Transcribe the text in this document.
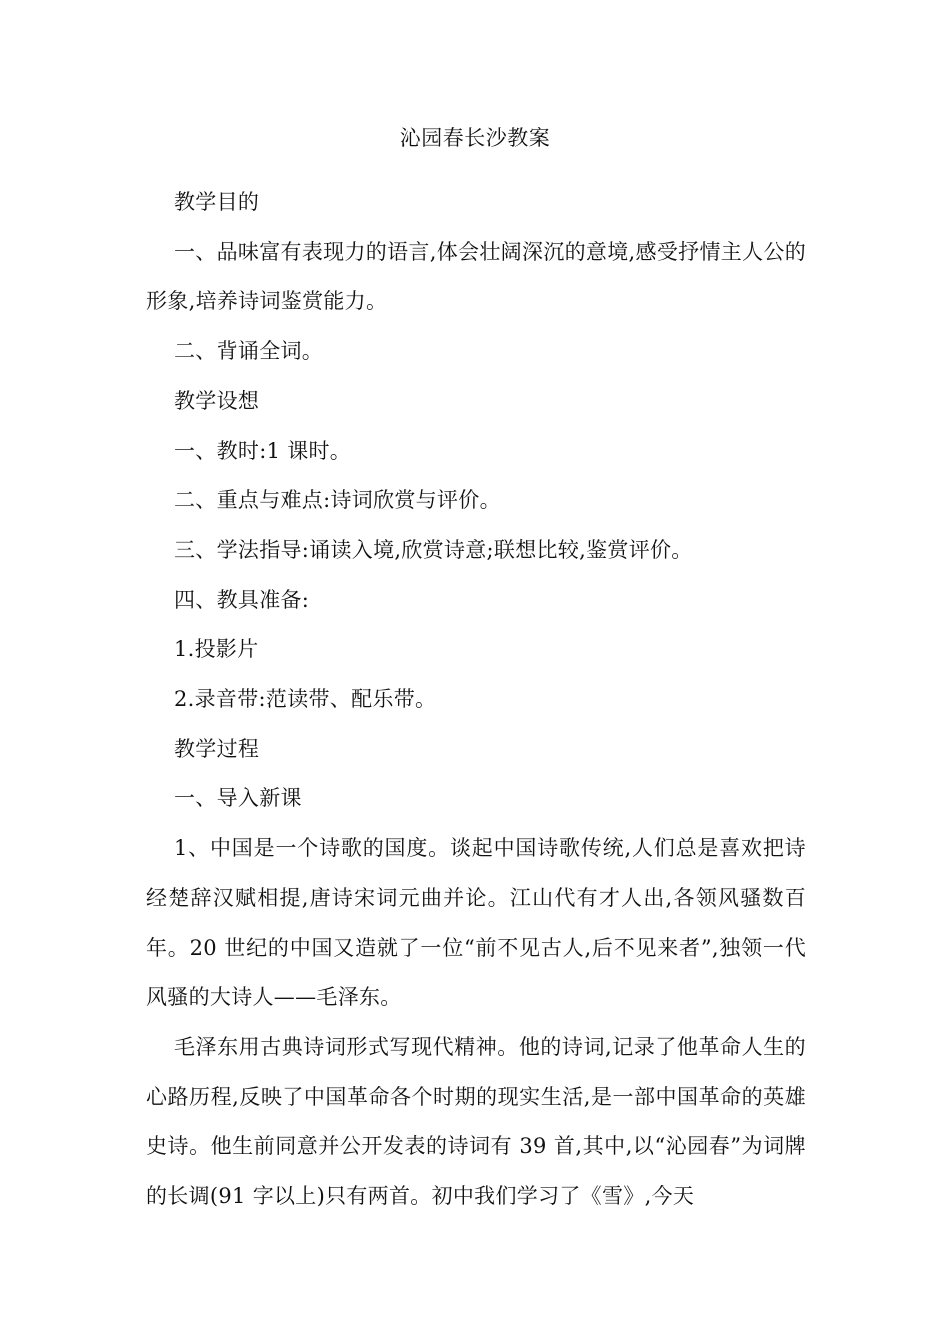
沁园春长沙教案

教学目的

一、品味富有表现力的语言,体会壮阔深沉的意境,感受抒情主人公的形象,培养诗词鉴赏能力。

二、背诵全词。

教学设想

一、教时:1 课时。

二、重点与难点:诗词欣赏与评价。

三、学法指导:诵读入境,欣赏诗意;联想比较,鉴赏评价。

四、教具准备:

1.投影片

2.录音带:范读带、配乐带。

教学过程

一、导入新课

1、中国是一个诗歌的国度。谈起中国诗歌传统,人们总是喜欢把诗经楚辞汉赋相提,唐诗宋词元曲并论。江山代有才人出,各领风骚数百年。20 世纪的中国又造就了一位“前不见古人,后不见来者”,独领一代风骚的大诗人——毛泽东。

毛泽东用古典诗词形式写现代精神。他的诗词,记录了他革命人生的心路历程,反映了中国革命各个时期的现实生活,是一部中国革命的英雄史诗。他生前同意并公开发表的诗词有 39 首,其中,以“沁园春”为词牌的长调(91 字以上)只有两首。初中我们学习了《雪》,今天
